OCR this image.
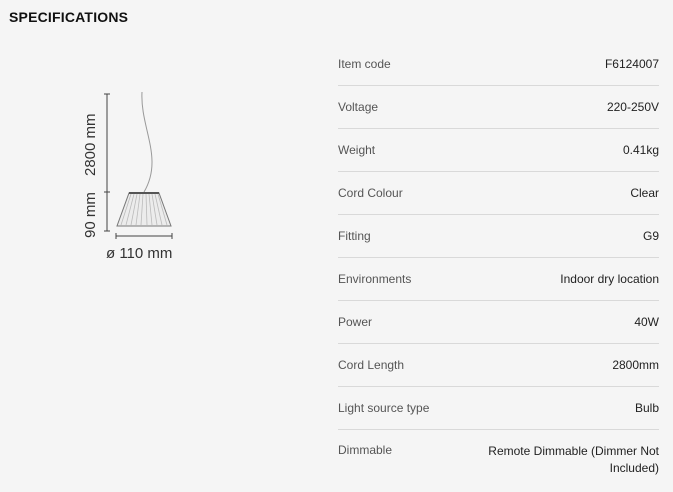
SPECIFICATIONS
2800 mm
90 mm
ø 110 mm
Item code	F6124007
Voltage	220-250V
Weight	0.41kg
Cord Colour	Clear
Fitting	G9
Environments	Indoor dry location
Power	40W
Cord Length	2800mm
Light source type	Bulb
Dimmable	Remote Dimmable (Dimmer Not Included)
